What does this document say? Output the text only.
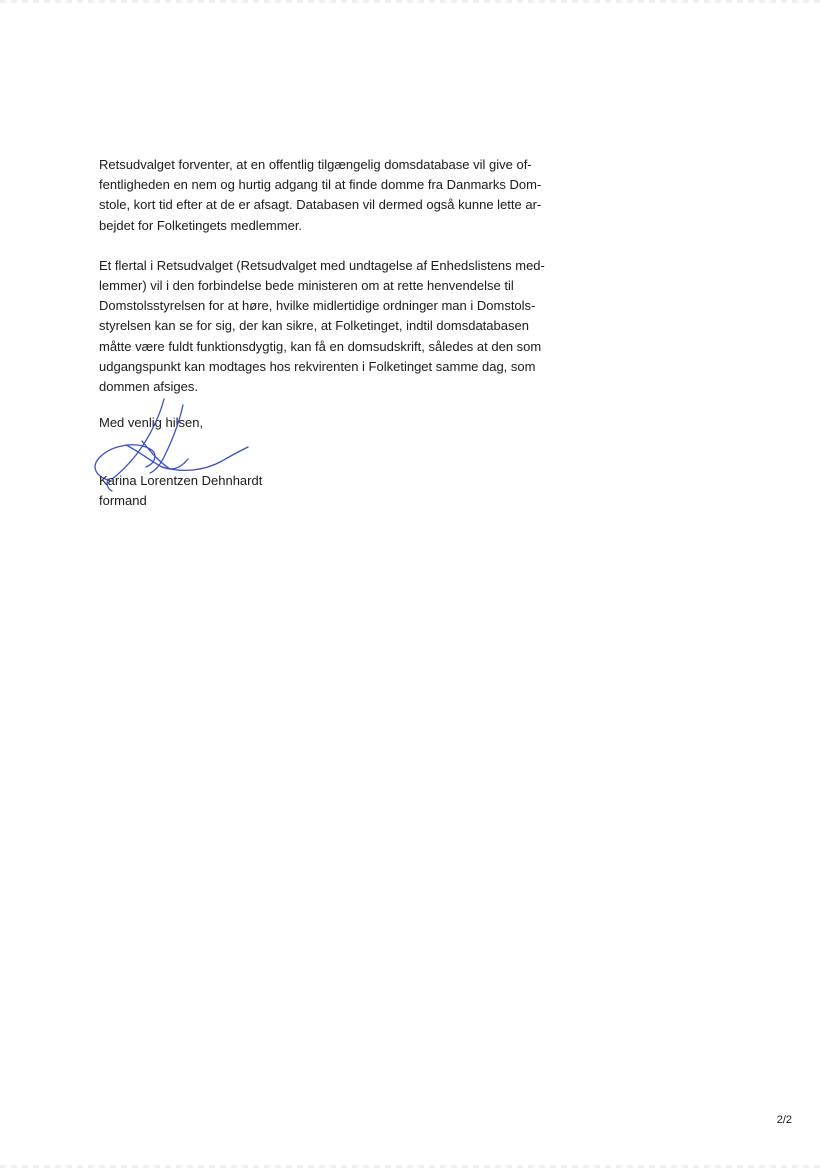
Retsudvalget forventer, at en offentlig tilgængelig domsdatabase vil give of-
fentligheden en nem og hurtig adgang til at finde domme fra Danmarks Dom-
stole, kort tid efter at de er afsagt. Databasen vil dermed også kunne lette ar-
bejdet for Folketingets medlemmer.

Et flertal i Retsudvalget (Retsudvalget med undtagelse af Enhedslistens med-
lemmer) vil i den forbindelse bede ministeren om at rette henvendelse til
Domstolsstyrelsen for at høre, hvilke midlertidige ordninger man i Domstols-
styrelsen kan se for sig, der kan sikre, at Folketinget, indtil domsdatabasen
måtte være fuldt funktionsdygtig, kan få en domsudskrift, således at den som
udgangspunkt kan modtages hos rekvirenten i Folketinget samme dag, som
dommen afsiges.

Med venlig hilsen,
Karina Lorentzen Dehnhardt
formand
2/2
